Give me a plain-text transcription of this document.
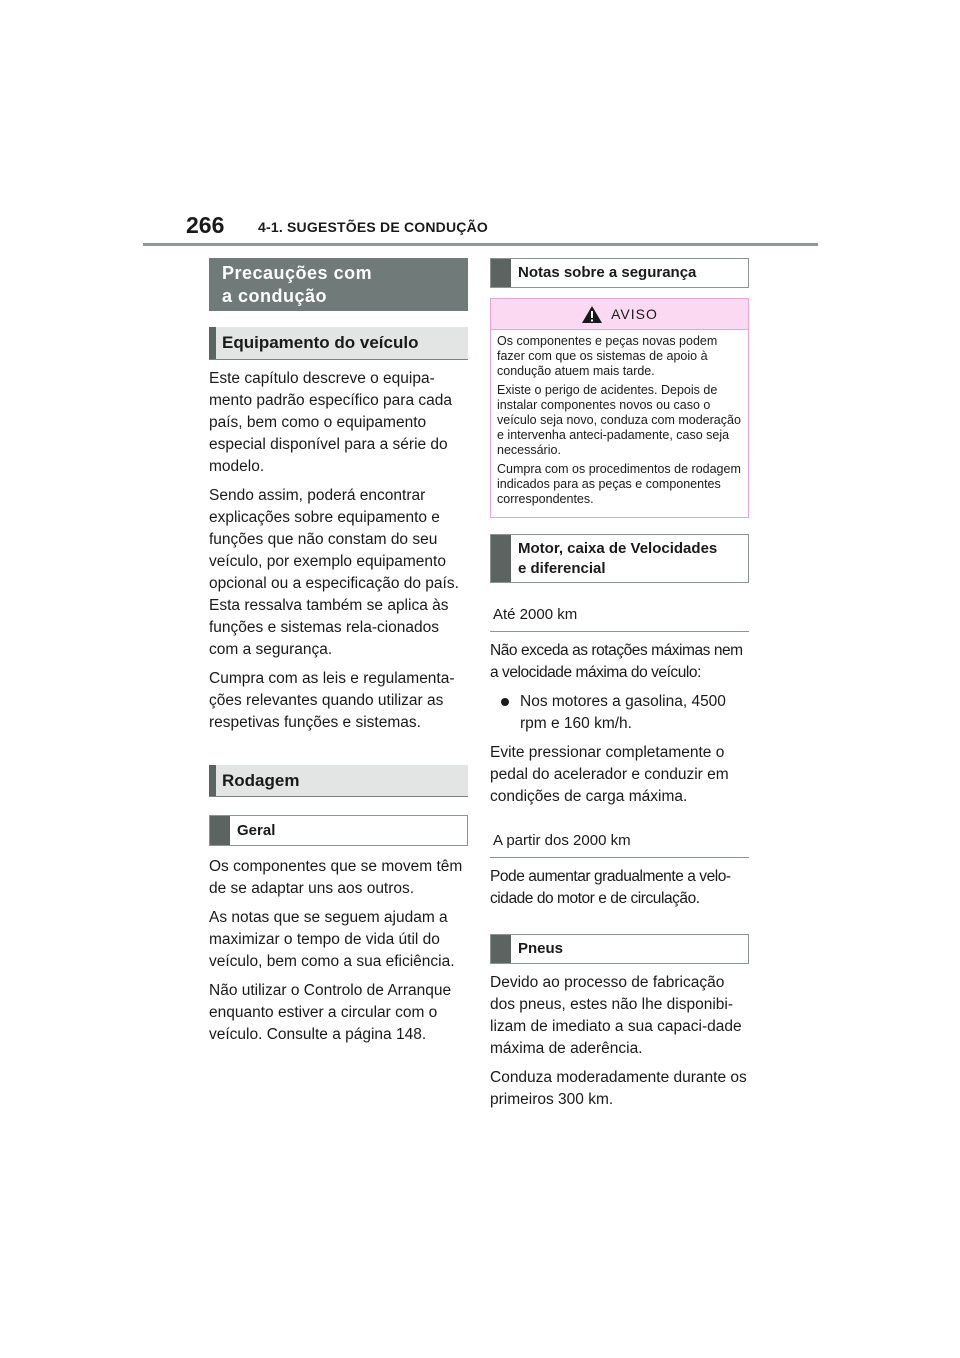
266 4-1. SUGESTÕES DE CONDUÇÃO
Precauções com
a condução
Equipamento do veículo

Este capítulo descreve o equipa-mento padrão específico para cada país, bem como o equipamento especial disponível para a série do modelo.

Sendo assim, poderá encontrar explicações sobre equipamento e funções que não constam do seu veículo, por exemplo equipamento opcional ou a especificação do país. Esta ressalva também se aplica às funções e sistemas rela-cionados com a segurança.

Cumpra com as leis e regulamenta-ções relevantes quando utilizar as respetivas funções e sistemas.

Rodagem
Geral

Os componentes que se movem têm de se adaptar uns aos outros.

As notas que se seguem ajudam a maximizar o tempo de vida útil do veículo, bem como a sua eficiência.

Não utilizar o Controlo de Arranque enquanto estiver a circular com o veículo. Consulte a página 148.

Notas sobre a segurança
AVISO

Os componentes e peças novas podem fazer com que os sistemas de apoio à condução atuem mais tarde.

Existe o perigo de acidentes. Depois de instalar componentes novos ou caso o veículo seja novo, conduza com moderação e intervenha anteci-padamente, caso seja necessário.

Cumpra com os procedimentos de rodagem indicados para as peças e componentes correspondentes.

Motor, caixa de Velocidades
e diferencial
Até 2000 km

Não exceda as rotações máximas nem a velocidade máxima do veículo:

Nos motores a gasolina, 4500 rpm e 160 km/h.

Evite pressionar completamente o pedal do acelerador e conduzir em condições de carga máxima.

A partir dos 2000 km

Pode aumentar gradualmente a velo-cidade do motor e de circulação.

Pneus

Devido ao processo de fabricação dos pneus, estes não lhe disponibi-lizam de imediato a sua capaci-dade máxima de aderência.

Conduza moderadamente durante os primeiros 300 km.
